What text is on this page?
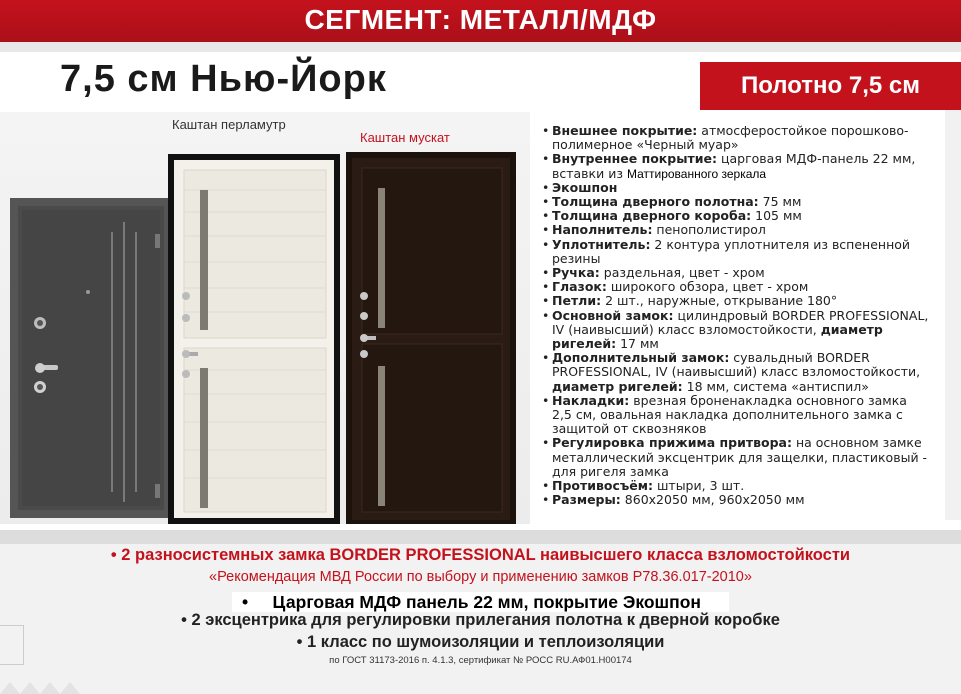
СЕГМЕНТ: МЕТАЛЛ/МДФ
7,5 см Нью-Йорк	Полотно 7,5 см
Каштан перламутр
Каштан мускат
•	Внешнее покрытие: атмосферостойкое порошково-полимерное «Черный муар»
• Внутреннее покрытие: царговая МДФ-панель 22 мм, вставки из Маттированного зеркала
• Экошпон
• Толщина дверного полотна: 75 мм
• Толщина дверного короба: 105 мм
• Наполнитель: пенополистирол
• Уплотнитель: 2 контура уплотнителя из вспененной резины
• Ручка: раздельная, цвет - хром
• Глазок: широкого обзора, цвет - хром
• Петли: 2 шт., наружные, открывание 180°
• Основной замок: цилиндровый BORDER PROFESSIONAL, IV (наивысший) класс взломостойкости, диаметр ригелей: 17 мм
• Дополнительный замок: сувальдный BORDER PROFESSIONAL, IV (наивысший) класс взломостойкости, диаметр ригелей: 18 мм, система «антиспил»
• Накладки: врезная броненакладка основного замка 2,5 см, овальная накладка дополнительного замка с защитой от сквозняков
• Регулировка прижима притвора: на основном замке металлический эксцентрик для защелки, пластиковый - для ригеля замка
• Противосъём: штыри, 3 шт.
• Размеры: 860х2050 мм, 960х2050 мм
• 2 разносистемных замка BORDER PROFESSIONAL наивысшего класса взломостойкости
«Рекомендация МВД России по выбору и применению замков Р78.36.017-2010»
• Царговая МДФ панель 22 мм, покрытие Экошпон
• 2 эксцентрика для регулировки прилегания полотна к дверной коробке
• 1 класс по шумоизоляции и теплоизоляции
по ГОСТ 31173-2016 п. 4.1.3, сертификат № РОСС RU.АФ01.Н00174
